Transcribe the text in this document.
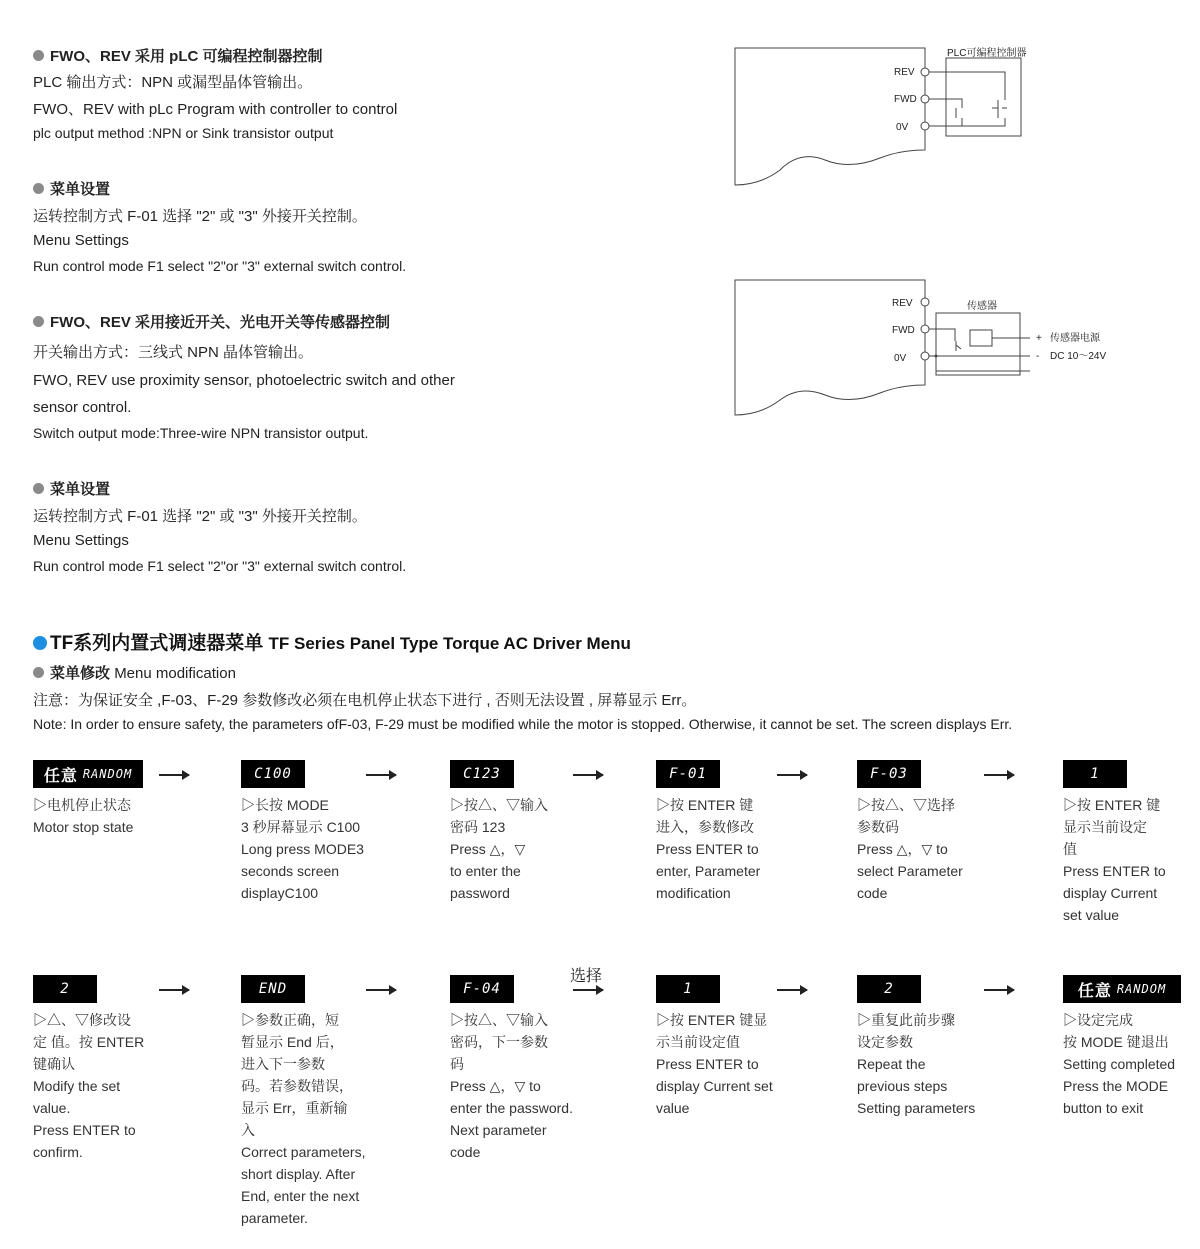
FWO、REV 采用 pLC 可编程控制器控制
PLC 输出方式：NPN 或漏型晶体管输出。
FWO、REV with pLc Program with controller to control
plc output method :NPN or Sink transistor output
菜单设置
运转控制方式 F-01 选择 "2" 或 "3" 外接开关控制。
Menu Settings
Run control mode F1 select "2"or "3" external switch control.
FWO、REV 采用接近开关、光电开关等传感器控制
开关输出方式：三线式 NPN 晶体管输出。
FWO, REV use proximity sensor, photoelectric switch and other
sensor control.
Switch output mode:Three-wire NPN transistor output.
菜单设置
运转控制方式 F-01 选择 "2" 或 "3" 外接开关控制。
Menu Settings
Run control mode F1 select "2"or "3" external switch control.
PLC可编程控制器
REV
FWD
0V
传感器
REV
FWD
0V
+
-
传感器电源
DC 10～24V
TF系列内置式调速器菜单 TF Series Panel Type Torque AC Driver Menu
菜单修改 Menu modification
注意：为保证安全 ,F-03、F-29 参数修改必须在电机停止状态下进行 , 否则无法设置 , 屏幕显示 Err。
Note: In order to ensure safety, the parameters ofF-03, F-29 must be modified while the motor is stopped. Otherwise, it cannot be set. The screen displays Err.
任意 RANDOM	C100	C123	F-01	F-03	1
▷电机停止状态
Motor stop state
▷长按 MODE
3 秒屏幕显示 C100
Long press MODE3
seconds screen
displayC100
▷按△、▽输入
密码 123
Press △，▽
to enter the
password
▷按 ENTER 键
进入，参数修改
Press ENTER to
enter, Parameter
modification
▷按△、▽选择
参数码
Press △，▽ to
select Parameter
code
▷按 ENTER 键
显示当前设定
值
Press ENTER to
display Current
set value
2	END	F-04	1	2	任意 RANDOM
选择
▷△、▽修改设
定 值。按 ENTER
键确认
Modify the set
value.
Press ENTER to
confirm.
▷参数正确，短
暂显示 End 后，
进入下一参数
码。若参数错误，
显示 Err，重新输
入
Correct parameters,
short display. After
End, enter the next
parameter.
▷按△、▽输入
密码，下一参数
码
Press △，▽ to
enter the password.
Next parameter
code
▷按 ENTER 键显
示当前设定值
Press ENTER to
display Current set
value
▷重复此前步骤
设定参数
Repeat the
previous steps
Setting parameters
▷设定完成
按 MODE 键退出
Setting completed
Press the MODE
button to exit
